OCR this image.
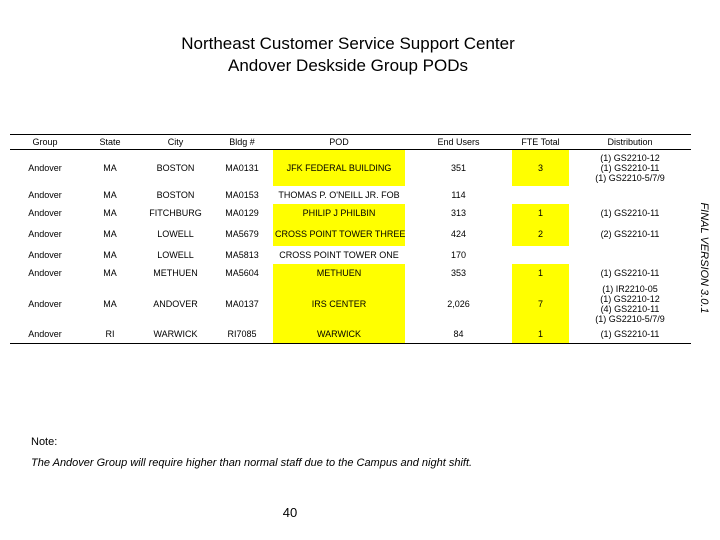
Northeast Customer Service Support Center
Andover Deskside Group PODs
Group	State	City	Bldg #	POD	End Users	FTE Total	Distribution
Andover	MA	BOSTON	MA0131	JFK FEDERAL BUILDING	351	3	(1) GS2210-12
(1) GS2210-11
(1) GS2210-5/7/9

Andover	MA	BOSTON	MA0153	THOMAS P. O'NEILL JR. FOB	114		
Andover	MA	FITCHBURG	MA0129	PHILIP J PHILBIN	313	1	(1) GS2210-11

Andover	MA	LOWELL	MA5679	CROSS POINT TOWER THREE	424	2	(2) GS2210-11

Andover	MA	LOWELL	MA5813	CROSS POINT TOWER ONE	170		
Andover	MA	METHUEN	MA5604	METHUEN	353	1	(1) GS2210-11

Andover	MA	ANDOVER	MA0137	IRS CENTER	2,026	7	(1) IR2210-05
(1) GS2210-12
(4) GS2210-11
(1) GS2210-5/7/9

Andover	RI	WARWICK	RI7085	WARWICK	84	1	(1) GS2210-11
FINAL VERSION 3.0.1
Note:
The Andover Group will require higher than normal staff due to the Campus and night shift.
40
